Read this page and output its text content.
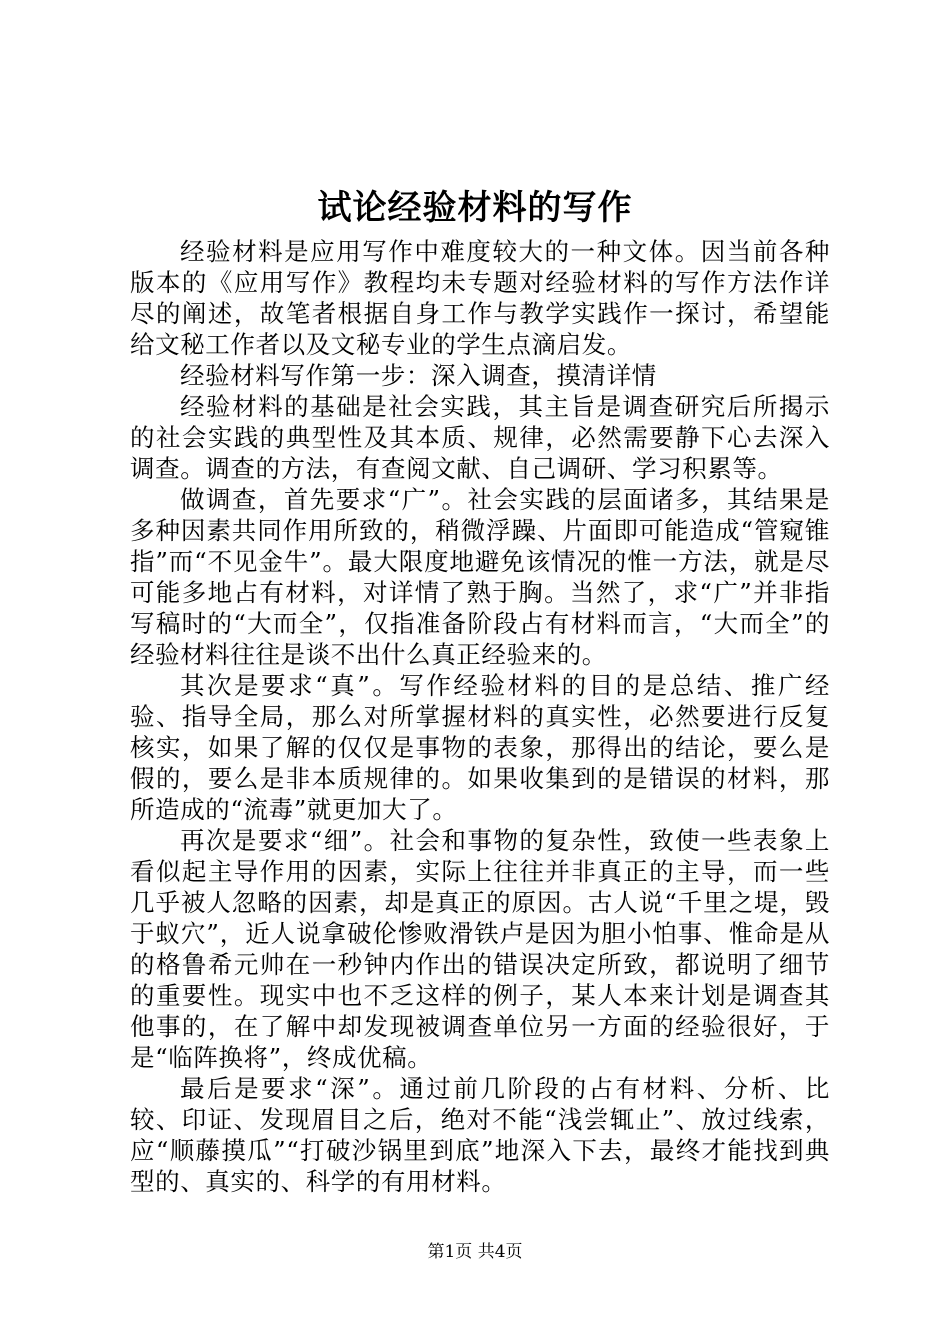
试论经验材料的写作

经验材料是应用写作中难度较大的一种文体。因当前各种版本的《应用写作》教程均未专题对经验材料的写作方法作详尽的阐述，故笔者根据自身工作与教学实践作一探讨，希望能给文秘工作者以及文秘专业的学生点滴启发。

经验材料写作第一步：深入调查，摸清详情

经验材料的基础是社会实践，其主旨是调查研究后所揭示的社会实践的典型性及其本质、规律，必然需要静下心去深入调查。调查的方法，有查阅文献、自己调研、学习积累等。

做调查，首先要求“广”。社会实践的层面诸多，其结果是多种因素共同作用所致的，稍微浮躁、片面即可能造成“管窥锥指”而“不见金牛”。最大限度地避免该情况的惟一方法，就是尽可能多地占有材料，对详情了熟于胸。当然了，求“广”并非指写稿时的“大而全”，仅指准备阶段占有材料而言，“大而全”的经验材料往往是谈不出什么真正经验来的。

其次是要求“真”。写作经验材料的目的是总结、推广经验、指导全局，那么对所掌握材料的真实性，必然要进行反复核实，如果了解的仅仅是事物的表象，那得出的结论，要么是假的，要么是非本质规律的。如果收集到的是错误的材料，那所造成的“流毒”就更加大了。

再次是要求“细”。社会和事物的复杂性，致使一些表象上看似起主导作用的因素，实际上往往并非真正的主导，而一些几乎被人忽略的因素，却是真正的原因。古人说“千里之堤，毁于蚁穴”，近人说拿破伦惨败滑铁卢是因为胆小怕事、惟命是从的格鲁希元帅在一秒钟内作出的错误决定所致，都说明了细节的重要性。现实中也不乏这样的例子，某人本来计划是调查其他事的，在了解中却发现被调查单位另一方面的经验很好，于是“临阵换将”，终成优稿。

最后是要求“深”。通过前几阶段的占有材料、分析、比较、印证、发现眉目之后，绝对不能“浅尝辄止”、放过线索，应“顺藤摸瓜”“打破沙锅里到底”地深入下去，最终才能找到典型的、真实的、科学的有用材料。

第1页 共4页
